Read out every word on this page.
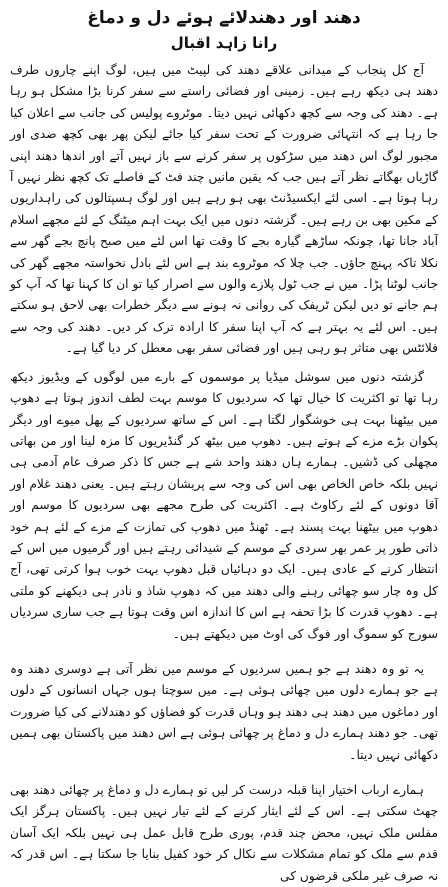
دھند اور دھندلائے ہوئے دل و دماغ
رانا زاہد اقبال

آج کل پنجاب کے میدانی علاقے دھند کی لپیٹ میں ہیں، لوگ اپنے چاروں طرف دھند ہی دیکھ رہے ہیں۔ زمینی اور فضائی راستے سے سفر کرنا بڑا مشکل ہو رہا ہے۔ دھند کی وجہ سے کچھ دکھائی نہیں دیتا۔ موٹروے پولیس کی جانب سے اعلان کیا جا رہا ہے کہ انتہائی ضرورت کے تحت سفر کیا جائے لیکن پھر بھی کچھ ضدی اور مجبور لوگ اس دھند میں سڑکوں پر سفر کرنے سے باز نہیں آتے اور اندھا دھند اپنی گاڑیاں بھگاتے نظر آتے ہیں جب کہ یقین مانیں چند فٹ کے فاصلے تک کچھ نظر نہیں آ رہا ہوتا ہے۔ اسی لئے ایکسیڈنٹ بھی ہو رہے ہیں اور لوگ ہسپتالوں کی راہداریوں کے مکین بھی بن رہے ہیں۔ گزشتہ دنوں میں ایک بہت اہم میٹنگ کے لئے مجھے اسلام آباد جانا تھا، چونکہ ساڑھے گیارہ بجے کا وقت تھا اس لئے میں صبح پانچ بجے گھر سے نکلا تاکہ پہنچ جاؤں۔ جب چلا کہ موٹروے بند ہے اس لئے بادل نخواستہ مجھے گھر کی جانب لوٹنا پڑا۔ میں نے جب ٹول پلازے والوں سے اصرار کیا تو ان کا کہنا تھا کہ آپ کو ہم جانے تو دیں لیکن ٹریفک کی روانی نہ ہونے سے دیگر خطرات بھی لاحق ہو سکتے ہیں۔ اس لئے یہ بہتر ہے کہ آپ اپنا سفر کا ارادہ ترک کر دیں۔ دھند کی وجہ سے فلائٹس بھی متاثر ہو رہی ہیں اور فضائی سفر بھی معطل کر دیا گیا ہے۔

گزشتہ دنوں میں سوشل میڈیا پر موسموں کے بارے میں لوگوں کے ویڈیوز دیکھ رہا تھا تو اکثریت کا خیال تھا کہ سردیوں کا موسم بہت لطف اندوز ہوتا ہے دھوپ میں بیٹھنا بہت ہی خوشگوار لگتا ہے۔ اس کے ساتھ سردیوں کے پھل میوے اور دیگر پکوان بڑے مزے کے ہوتے ہیں۔ دھوپ میں بیٹھ کر گنڈیریوں کا مزہ لینا اور من بھاتی مچھلی کی ڈشیں۔ ہمارے ہاں دھند واحد شے ہے جس کا ذکر صرف عام آدمی ہی نہیں بلکہ خاص الخاص بھی اس کی وجہ سے پریشان رہتے ہیں۔ یعنی دھند غلام اور آقا دونوں کے لئے رکاوٹ ہے۔ اکثریت کی طرح مجھے بھی سردیوں کا موسم اور دھوپ میں بیٹھنا بہت پسند ہے۔ ٹھنڈ میں دھوپ کی تمازت کے مزے کے لئے ہم خود ذاتی طور پر عمر بھر سردی کے موسم کے شیدائی رہتے ہیں اور گرمیوں میں اس کے انتظار کرنے کے عادی ہیں۔ ایک دو دہائیاں قبل دھوپ بہت خوب ہوا کرتی تھی، آج کل وہ چار سو چھائی رہنے والی دھند میں کہ دھوپ شاذ و نادر ہی دیکھنے کو ملتی ہے۔ دھوپ قدرت کا بڑا تحفہ ہے اس کا اندازہ اس وقت ہوتا ہے جب ساری سردیاں سورج کو سموگ اور فوگ کی اوٹ میں دیکھتے ہیں۔

یہ تو وہ دھند ہے جو ہمیں سردیوں کے موسم میں نظر آتی ہے دوسری دھند وہ ہے جو ہمارے دلوں میں چھائی ہوئی ہے۔ میں سوچتا ہوں جہاں انسانوں کے دلوں اور دماغوں میں دھند ہی دھند ہو وہاں قدرت کو فضاؤں کو دھندلانے کی کیا ضرورت تھی۔ جو دھند ہمارے دل و دماغ پر چھائی ہوئی ہے اس دھند میں پاکستان بھی ہمیں دکھائی نہیں دیتا۔

ہمارے ارباب اختیار اپنا قبلہ درست کر لیں تو ہمارے دل و دماغ پر چھائی دھند بھی چھٹ سکتی ہے۔ اس کے لئے ایثار کرنے کے لئے تیار نہیں ہیں۔ پاکستان ہرگز ایک مفلس ملک نہیں، محض چند قدم، پوری طرح قابل عمل ہی نہیں بلکہ ایک آسان قدم سے ملک کو تمام مشکلات سے نکال کر خود کفیل بنایا جا سکتا ہے۔ اس قدر کہ نہ صرف غیر ملکی قرضوں کی
